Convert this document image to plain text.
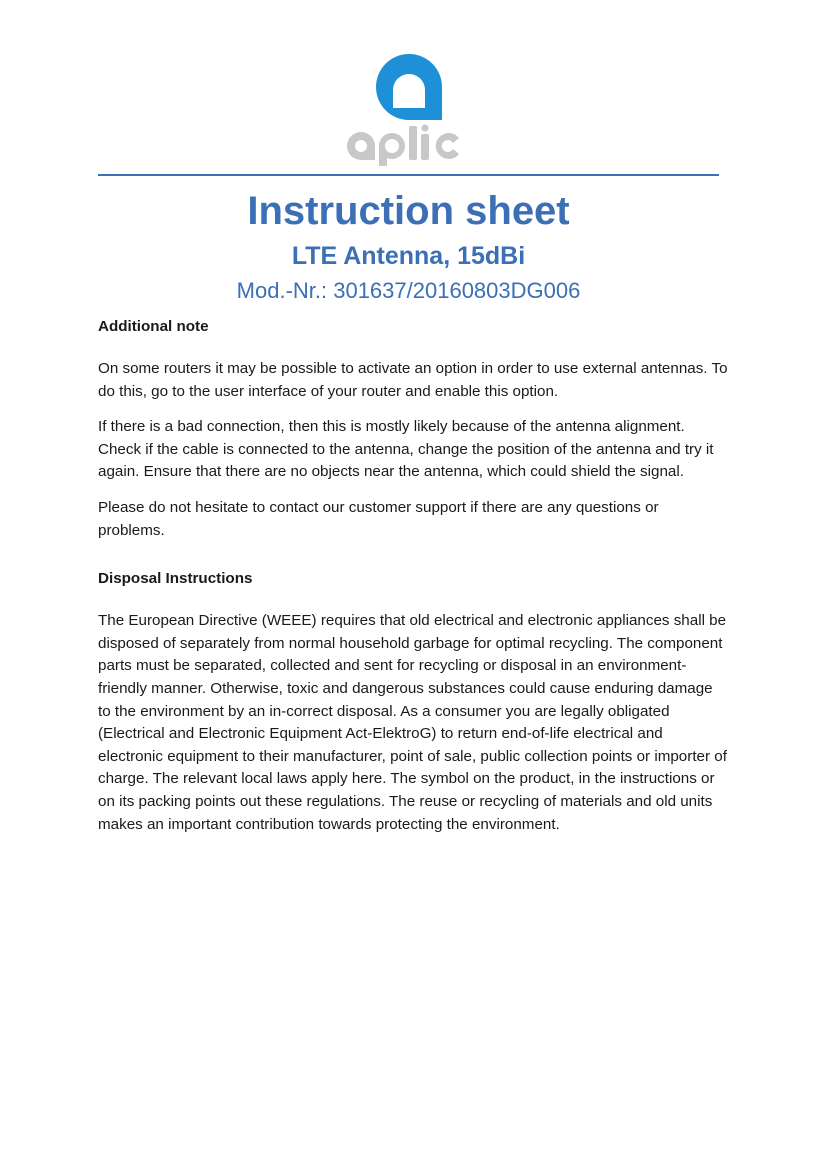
Instruction sheet
LTE Antenna, 15dBi
Mod.-Nr.: 301637/20160803DG006
Additional note

On some routers it may be possible to activate an option in order to use external antennas. To do this, go to the user interface of your router and enable this option.

If there is a bad connection, then this is mostly likely because of the antenna alignment. Check if the cable is connected to the antenna, change the position of the antenna and try it again. Ensure that there are no objects near the antenna, which could shield the signal.

Please do not hesitate to contact our customer support if there are any questions or problems.

Disposal Instructions

The European Directive (WEEE) requires that old electrical and electronic appliances shall be disposed of separately from normal household garbage for optimal recycling. The component parts must be separated, collected and sent for recycling or disposal in an environment-friendly manner. Otherwise, toxic and dangerous substances could cause enduring damage to the environment by an in-correct disposal. As a consumer you are legally obligated (Electrical and Electronic Equipment Act-ElektroG) to return end-of-life electrical and electronic equipment to their manufacturer, point of sale, public collection points or importer of charge. The relevant local laws apply here. The symbol on the product, in the instructions or on its packing points out these regulations. The reuse or recycling of materials and old units makes an important contribution towards protecting the environment.
